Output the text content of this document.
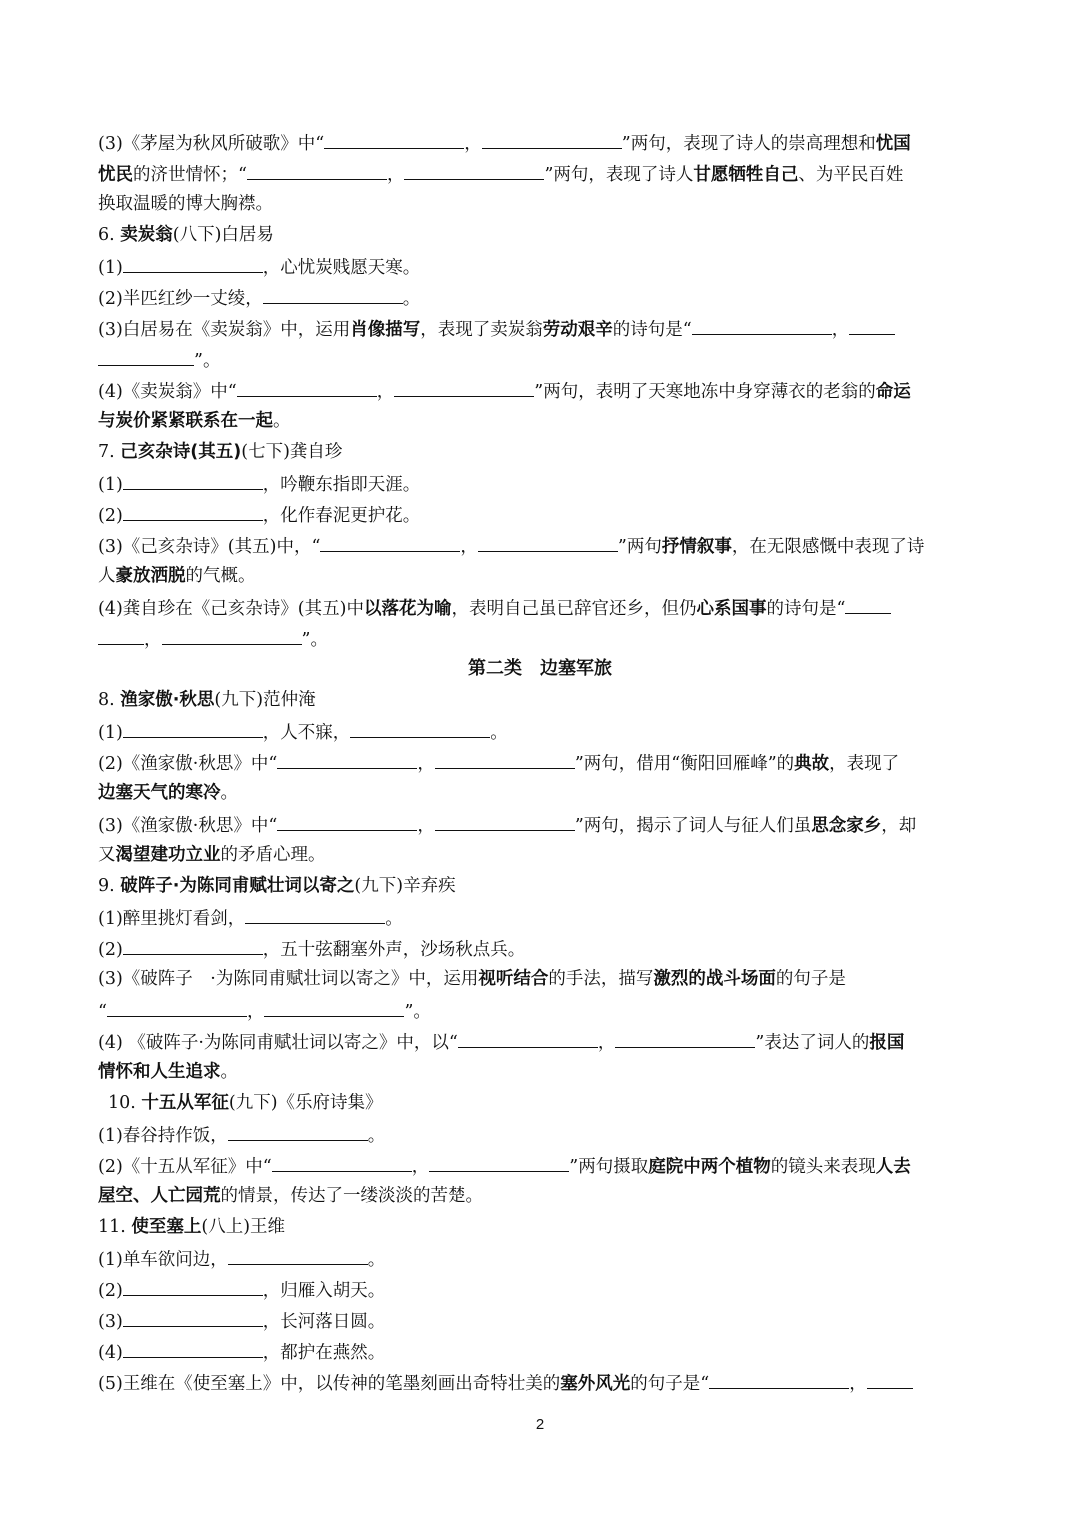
(3)《茅屋为秋风所破歌》中“	，	”两句，表现了诗人的崇高理想和忧国
忧民的济世情怀；“	，	”两句，表现了诗人甘愿牺牲自己、为平民百姓
换取温暖的博大胸襟。
6. 卖炭翁(八下)白居易
(1)	，心忧炭贱愿天寒。
(2)半匹红纱一丈绫，	。
(3)白居易在《卖炭翁》中，运用肖像描写，表现了卖炭翁劳动艰辛的诗句是“	，
”。
(4)《卖炭翁》中“	，	”两句，表明了天寒地冻中身穿薄衣的老翁的命运
与炭价紧紧联系在一起。
7. 己亥杂诗(其五)(七下)龚自珍
(1)	，吟鞭东指即天涯。
(2)	，化作春泥更护花。
(3)《己亥杂诗》(其五)中，“	，	”两句抒情叙事，在无限感慨中表现了诗
人豪放洒脱的气概。
(4)龚自珍在《己亥杂诗》(其五)中以落花为喻，表明自己虽已辞官还乡，但仍心系国事的诗句是“
，	”。
第二类　边塞军旅
8. 渔家傲·秋思(九下)范仲淹
(1)	，人不寐，	。
(2)《渔家傲·秋思》中“	，	”两句，借用“衡阳回雁峰”的典故，表现了
边塞天气的寒冷。
(3)《渔家傲·秋思》中“	，	”两句，揭示了词人与征人们虽思念家乡，却
又渴望建功立业的矛盾心理。
9. 破阵子·为陈同甫赋壮词以寄之(九下)辛弃疾
(1)醉里挑灯看剑，	。
(2)	，五十弦翻塞外声，沙场秋点兵。
(3)《破阵子　·为陈同甫赋壮词以寄之》中，运用视听结合的手法，描写激烈的战斗场面的句子是
“	，	”。
(4) 《破阵子·为陈同甫赋壮词以寄之》中，以“	，	”表达了词人的报国
情怀和人生追求。
10. 十五从军征(九下)《乐府诗集》
(1)春谷持作饭，	。
(2)《十五从军征》中“	，	”两句摄取庭院中两个植物的镜头来表现人去
屋空、人亡园荒的情景，传达了一缕淡淡的苦楚。
11. 使至塞上(八上)王维
(1)单车欲问边，	。
(2)	，归雁入胡天。
(3)	，长河落日圆。
(4)	，都护在燕然。
(5)王维在《使至塞上》中，以传神的笔墨刻画出奇特壮美的塞外风光的句子是“	，
2
